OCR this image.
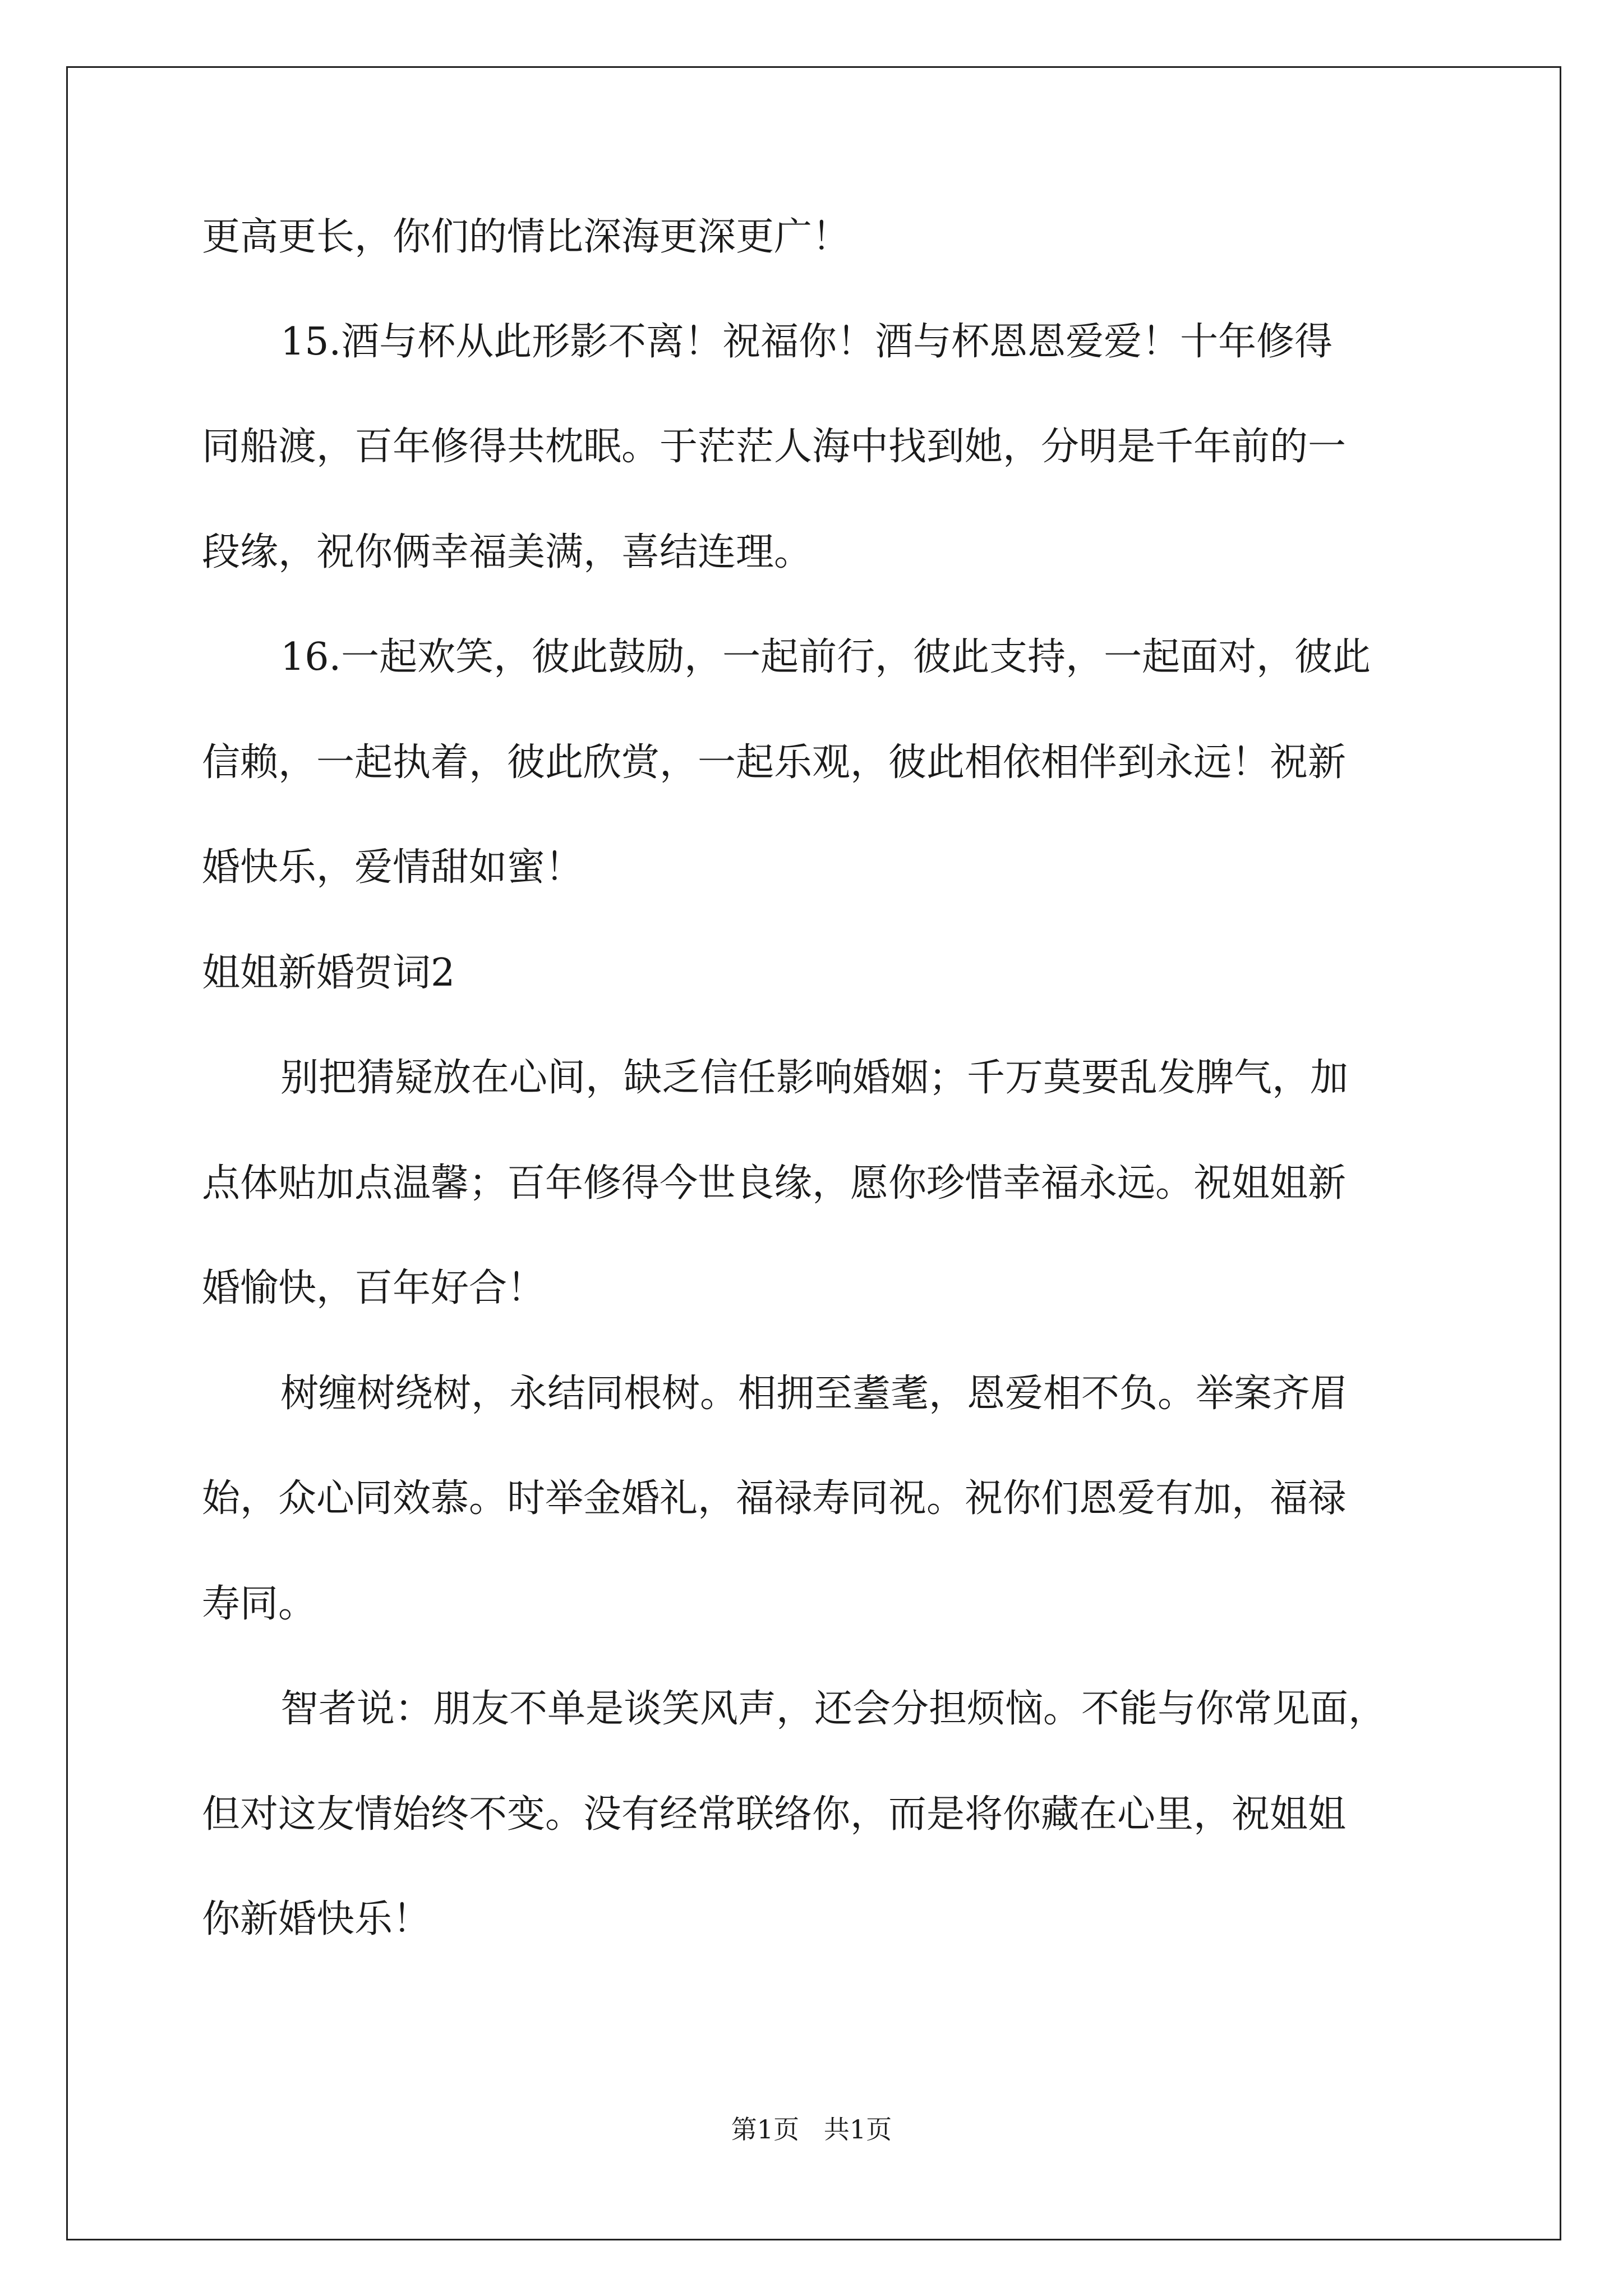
更高更长，你们的情比深海更深更广！
15.酒与杯从此形影不离！祝福你！酒与杯恩恩爱爱！十年修得
同船渡，百年修得共枕眠。于茫茫人海中找到她，分明是千年前的一
段缘，祝你俩幸福美满，喜结连理。
16.一起欢笑，彼此鼓励，一起前行，彼此支持，一起面对，彼此
信赖，一起执着，彼此欣赏，一起乐观，彼此相依相伴到永远！祝新
婚快乐，爱情甜如蜜！
姐姐新婚贺词2
别把猜疑放在心间，缺乏信任影响婚姻；千万莫要乱发脾气，加
点体贴加点温馨；百年修得今世良缘，愿你珍惜幸福永远。祝姐姐新
婚愉快，百年好合！
树缠树绕树，永结同根树。相拥至耋耄，恩爱相不负。举案齐眉
始，众心同效慕。时举金婚礼，福禄寿同祝。祝你们恩爱有加，福禄
寿同。
智者说：朋友不单是谈笑风声，还会分担烦恼。不能与你常见面，
但对这友情始终不变。没有经常联络你，而是将你藏在心里，祝姐姐
你新婚快乐！
第1页   共1页
